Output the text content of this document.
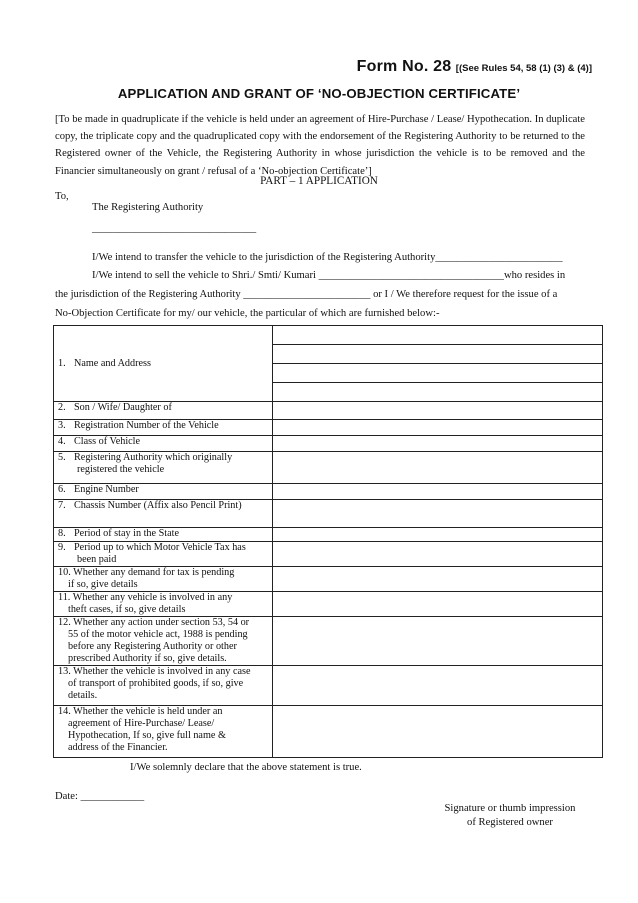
Form No. 28 [(See Rules 54, 58 (1) (3) & (4)]
APPLICATION AND GRANT OF ‘NO-OBJECTION CERTIFICATE’
[To be made in quadruplicate if the vehicle is held under an agreement of Hire-Purchase / Lease/ Hypothecation. In duplicate copy, the triplicate copy and the quadruplicated copy with the endorsement of the Registering Authority to be returned to the Registered owner of the Vehicle, the Registering Authority in whose jurisdiction the vehicle is to be removed and the Financier simultaneously on grant / refusal of a ‘No-objection Certificate’]
PART – 1 APPLICATION
To,
The Registering Authority
_______________________________
I/We intend to transfer the vehicle to the jurisdiction of the Registering Authority________________________
I/We intend to sell the vehicle to Shri./ Smti/ Kumari ___________________________________who resides in
the jurisdiction of the Registering Authority ________________________ or I / We therefore request for the issue of a
No-Objection Certificate for my/ our vehicle, the particular of which are furnished below:-
1. Name and Address	

2. Son / Wife/ Daughter of	

3. Registration Number of the Vehicle	

4. Class of Vehicle	

5. Registering Authority which originally
registered the vehicle	

6. Engine Number	

7. Chassis Number (Affix also Pencil Print)	

8. Period of stay in the State	

9. Period up to which Motor Vehicle Tax has
been paid	

10. Whether any demand for tax is pending
if so, give details	

11. Whether any vehicle is involved in any
theft cases, if so, give details	

12. Whether any action under section 53, 54 or
55 of the motor vehicle act, 1988 is pending
before any Registering Authority or other
prescribed Authority if so, give details.	

13. Whether the vehicle is involved in any case
of transport of prohibited goods, if so, give
details.	

14. Whether the vehicle is held under an
agreement of Hire-Purchase/ Lease/
Hypothecation, If so, give full name &
address of the Financier.	

I/We solemnly declare that the above statement is true.
Date: ____________
Signature or thumb impression
of Registered owner
